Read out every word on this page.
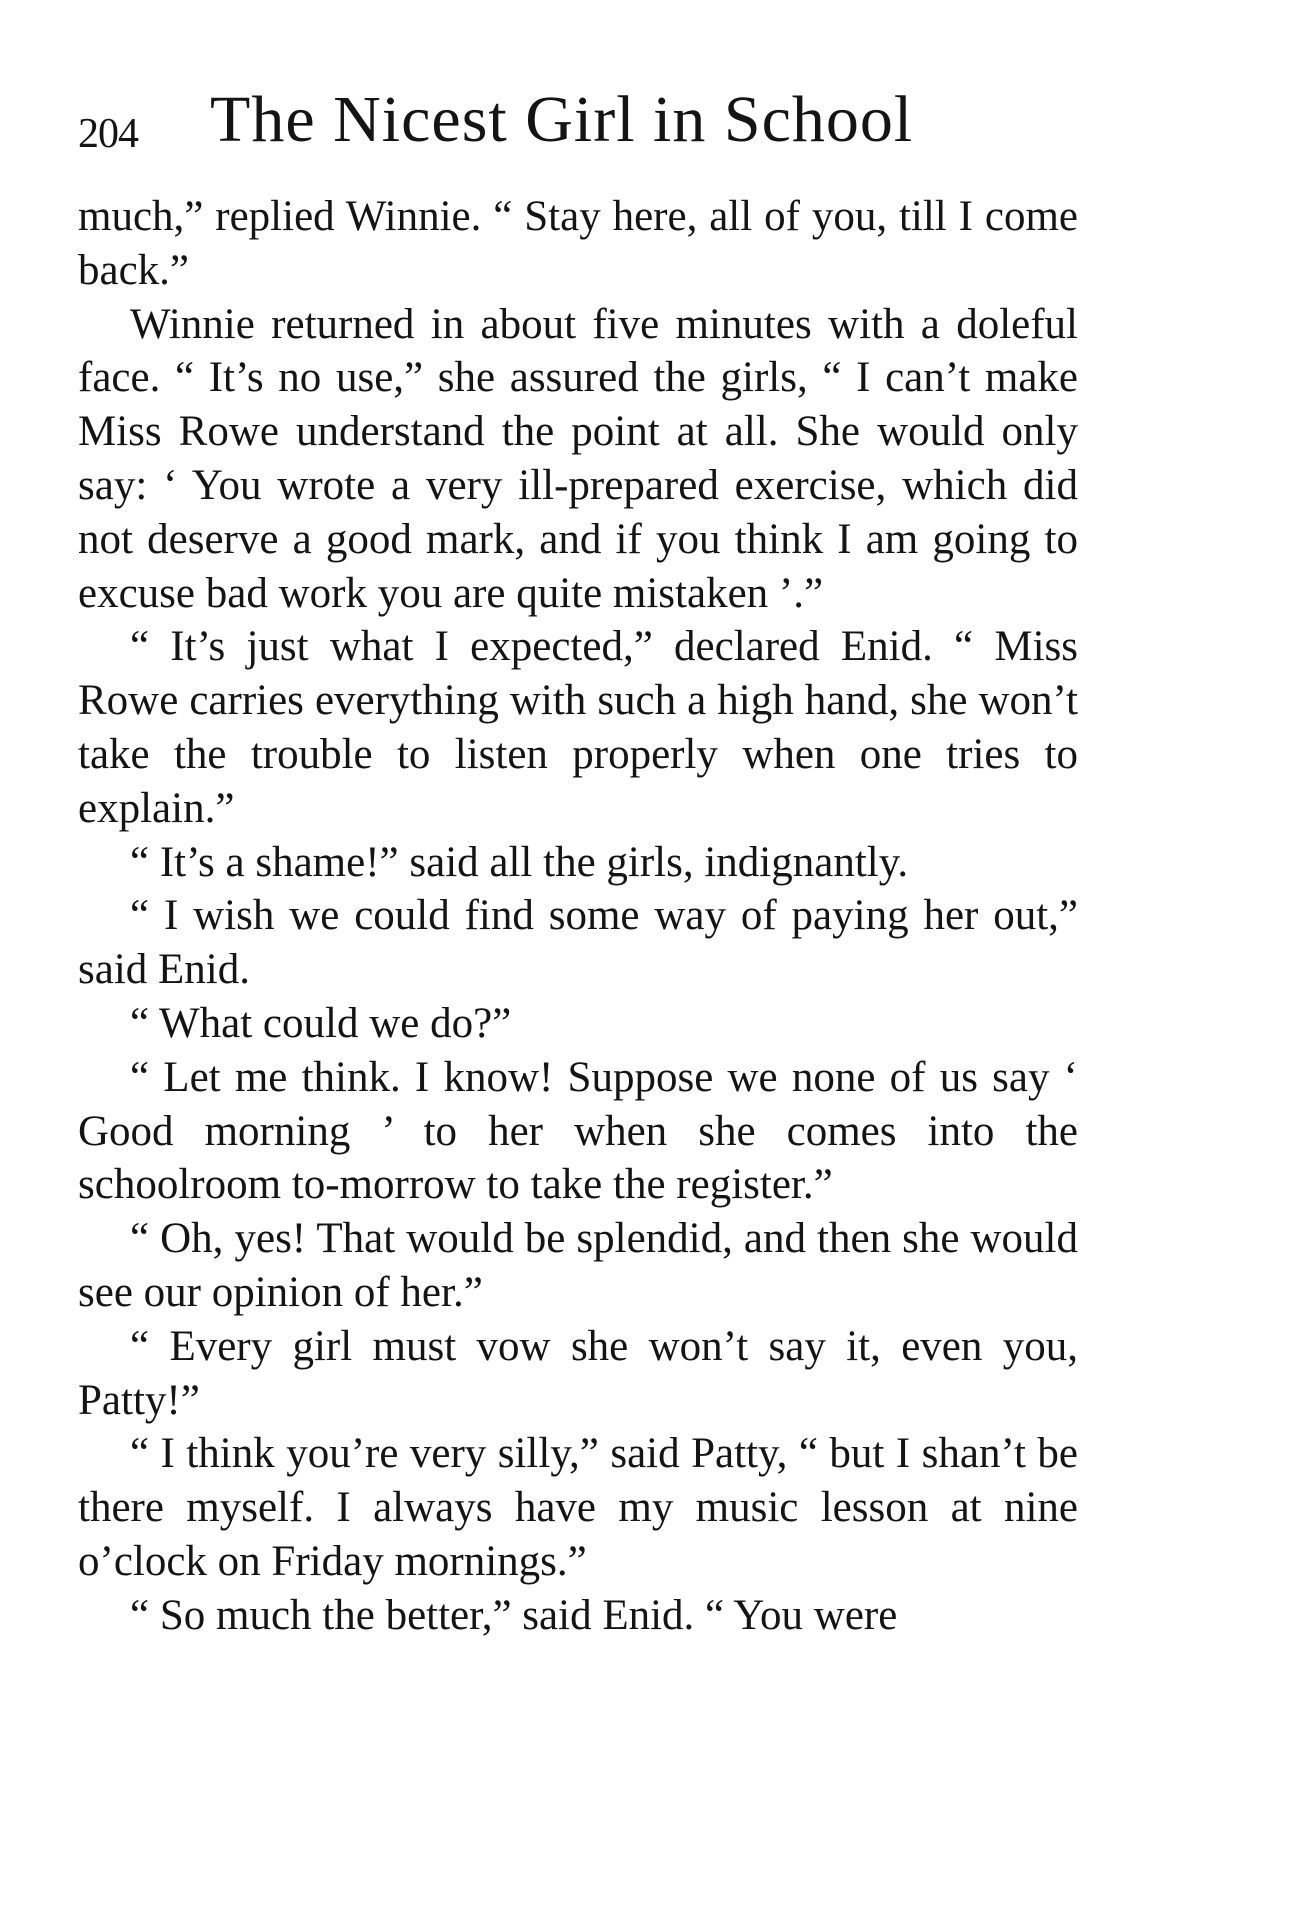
204 The Nicest Girl in School

much,” replied Winnie. “ Stay here, all of you, till I come back.”

Winnie returned in about five minutes with a doleful face. “ It’s no use,” she assured the girls, “ I can’t make Miss Rowe understand the point at all. She would only say: ‘ You wrote a very ill-prepared exercise, which did not deserve a good mark, and if you think I am going to excuse bad work you are quite mistaken ’.”

“ It’s just what I expected,” declared Enid. “ Miss Rowe carries everything with such a high hand, she won’t take the trouble to listen properly when one tries to explain.”

“ It’s a shame!” said all the girls, indignantly.

“ I wish we could find some way of paying her out,” said Enid.

“ What could we do?”

“ Let me think. I know! Suppose we none of us say ‘ Good morning ’ to her when she comes into the schoolroom to-morrow to take the register.”

“ Oh, yes! That would be splendid, and then she would see our opinion of her.”

“ Every girl must vow she won’t say it, even you, Patty!”

“ I think you’re very silly,” said Patty, “ but I shan’t be there myself. I always have my music lesson at nine o’clock on Friday mornings.”

“ So much the better,” said Enid. “ You were
